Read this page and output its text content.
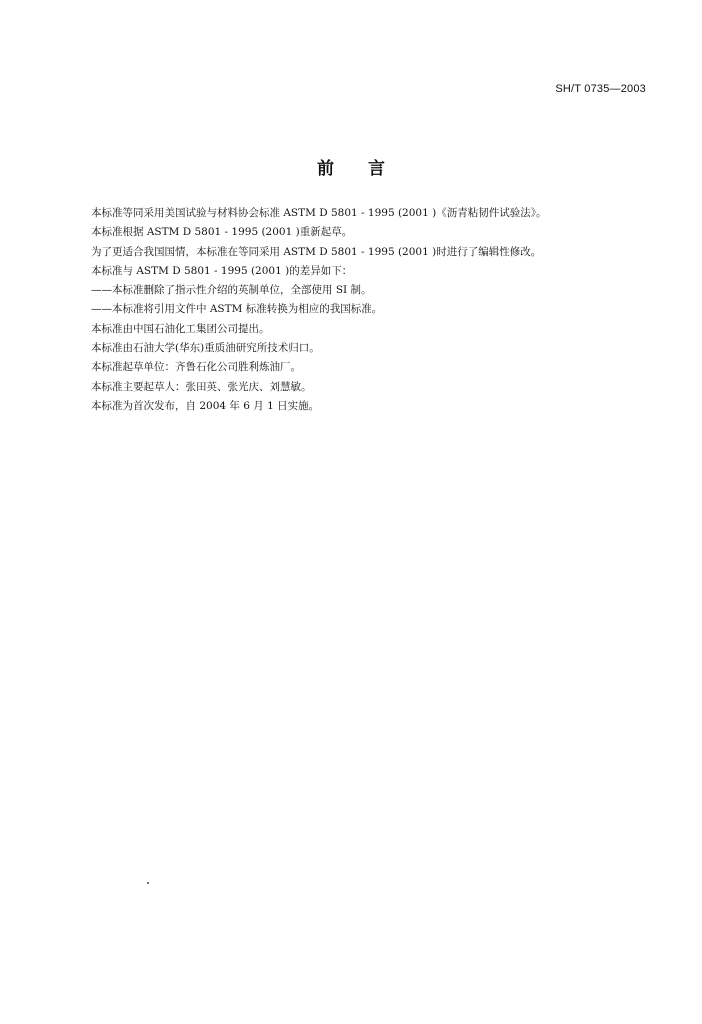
SH/T 0735—2003
前言

本标准等同采用美国试验与材料协会标准 ASTM D 5801 - 1995 (2001 )《沥青粘韧件试验法》。

本标准根据 ASTM D 5801 - 1995 (2001 )重新起草。

为了更适合我国国情，本标准在等同采用 ASTM D 5801 - 1995 (2001 )时进行了编辑性修改。

本标准与 ASTM D 5801 - 1995 (2001 )的差异如下：

——本标准删除了指示性介绍的英制单位，全部使用 SI 制。

——本标准将引用文件中 ASTM 标准转换为相应的我国标准。

本标准由中国石油化工集团公司提出。

本标准由石油大学(华东)重质油研究所技术归口。

本标准起草单位：齐鲁石化公司胜利炼油厂。

本标准主要起草人：张田英、张光庆、刘慧敏。

本标准为首次发布，自 2004 年 6 月 1 日实施。
